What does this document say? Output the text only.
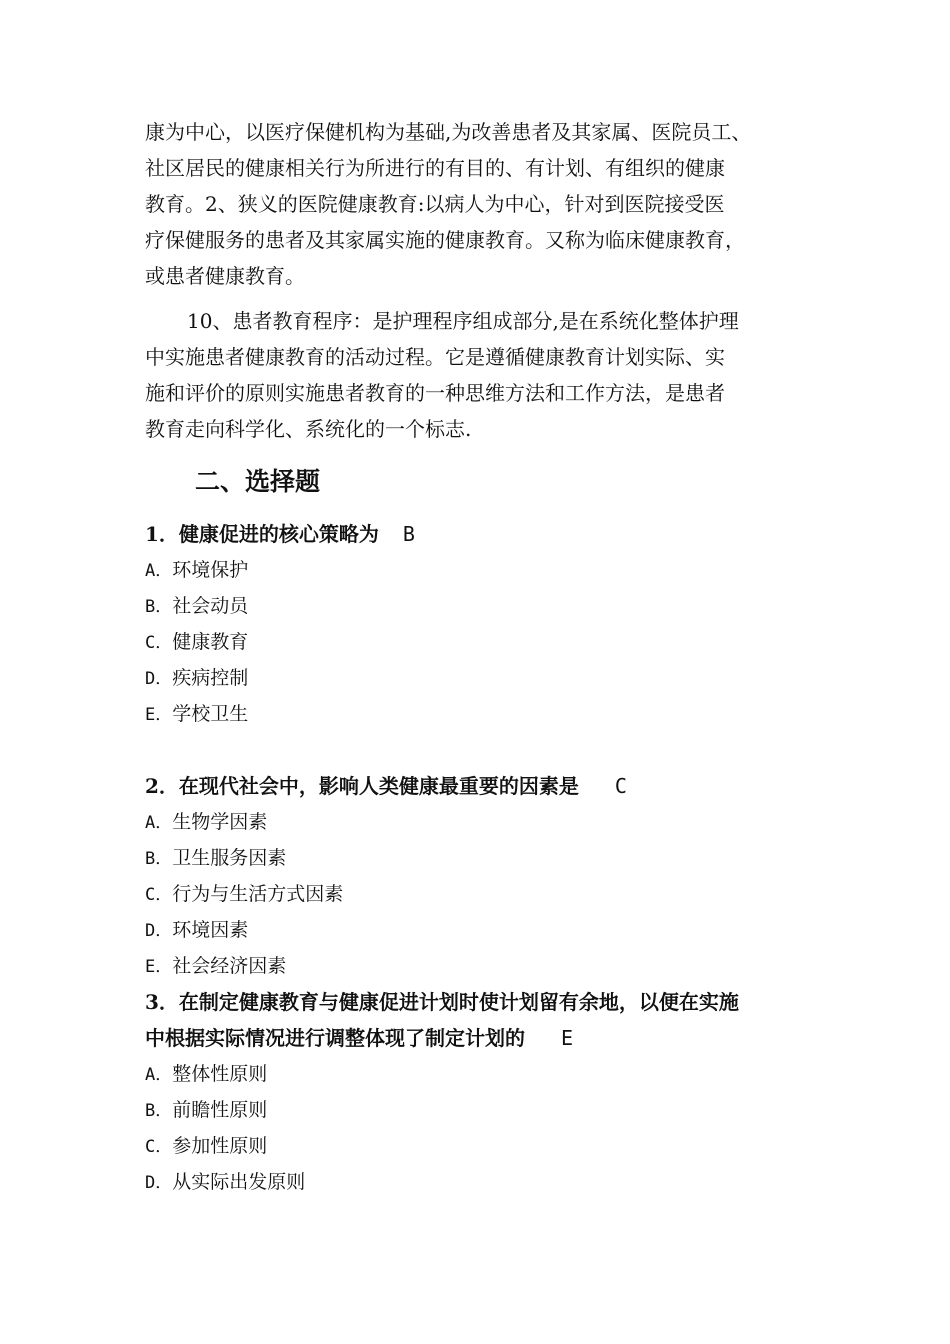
康为中心，以医疗保健机构为基础,为改善患者及其家属、医院员工、
社区居民的健康相关行为所进行的有目的、有计划、有组织的健康
教育。2、狭义的医院健康教育:以病人为中心，针对到医院接受医
疗保健服务的患者及其家属实施的健康教育。又称为临床健康教育，
或患者健康教育。
10、患者教育程序：是护理程序组成部分,是在系统化整体护理
中实施患者健康教育的活动过程。它是遵循健康教育计划实际、实
施和评价的原则实施患者教育的一种思维方法和工作方法，是患者
教育走向科学化、系统化的一个标志.
二、选择题
1．健康促进的核心策略为 B
A．环境保护
B．社会动员
C．健康教育
D．疾病控制
E．学校卫生
2．在现代社会中，影响人类健康最重要的因素是 C
A．生物学因素
B．卫生服务因素
C．行为与生活方式因素
D．环境因素
E．社会经济因素
3．在制定健康教育与健康促进计划时使计划留有余地，以便在实施
中根据实际情况进行调整体现了制定计划的 E
A．整体性原则
B．前瞻性原则
C．参加性原则
D．从实际出发原则
